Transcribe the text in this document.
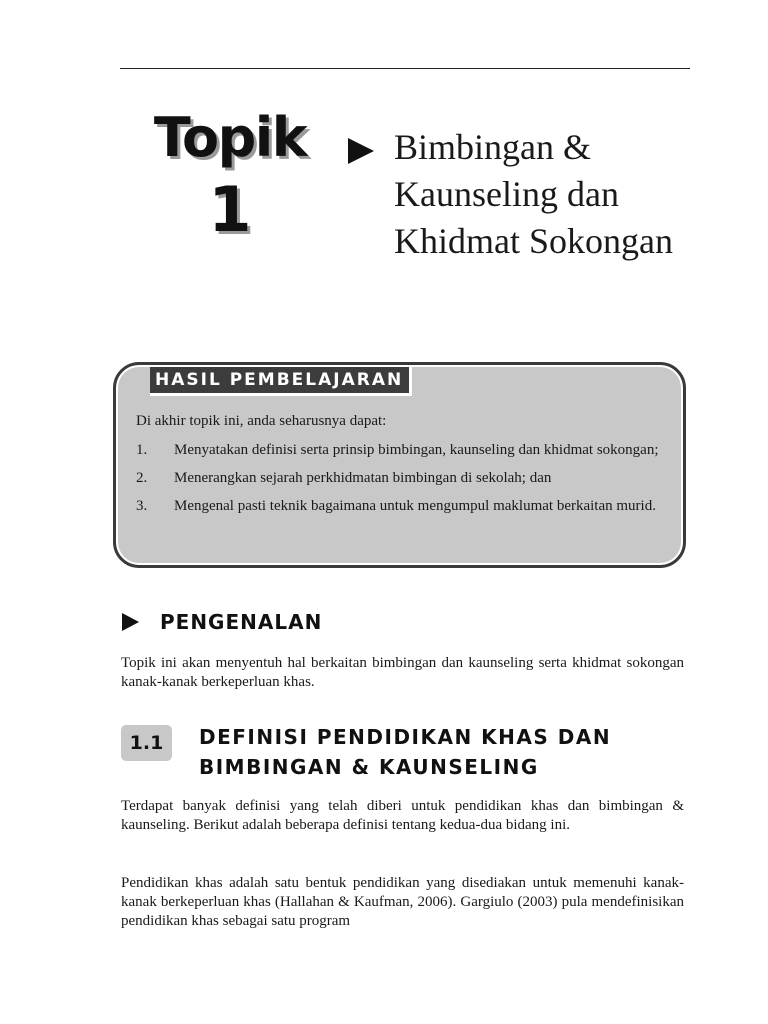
Topik
1
Bimbingan & Kaunseling dan Khidmat Sokongan
HASIL PEMBELAJARAN
Di akhir topik ini, anda seharusnya dapat:
1.	Menyatakan definisi serta prinsip bimbingan, kaunseling dan khidmat sokongan;
2.	Menerangkan sejarah perkhidmatan bimbingan di sekolah; dan
3.	Mengenal pasti teknik bagaimana untuk mengumpul maklumat berkaitan murid.
PENGENALAN

Topik ini akan menyentuh hal berkaitan bimbingan dan kaunseling serta khidmat sokongan kanak-kanak berkeperluan khas.

1.1	DEFINISI PENDIDIKAN KHAS DAN BIMBINGAN & KAUNSELING

Terdapat banyak definisi yang telah diberi untuk pendidikan khas dan bimbingan & kaunseling. Berikut adalah beberapa definisi tentang kedua-dua bidang ini.

Pendidikan khas adalah satu bentuk pendidikan yang disediakan untuk memenuhi kanak-kanak berkeperluan khas (Hallahan & Kaufman, 2006). Gargiulo (2003) pula mendefinisikan pendidikan khas sebagai satu program
